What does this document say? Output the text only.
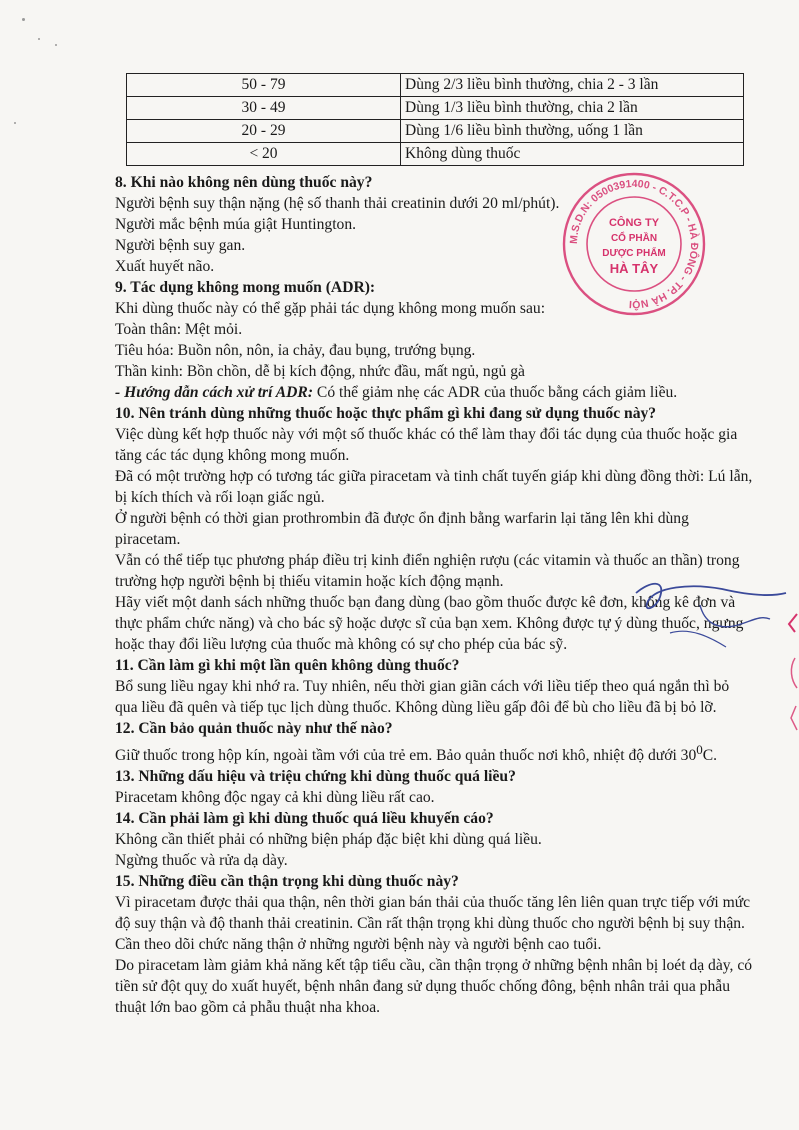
50 - 79	Dùng 2/3 liều bình thường, chia 2 - 3 lần
30 - 49	Dùng 1/3 liều bình thường, chia 2 lần
20 - 29	Dùng 1/6 liều bình thường, uống 1 lần
< 20	Không dùng thuốc

8. Khi nào không nên dùng thuốc này?

Người bệnh suy thận nặng (hệ số thanh thải creatinin dưới 20 ml/phút).

Người mắc bệnh múa giật Huntington.

Người bệnh suy gan.

Xuất huyết não.

9. Tác dụng không mong muốn (ADR):

Khi dùng thuốc này có thể gặp phải tác dụng không mong muốn sau:

Toàn thân: Mệt mỏi.

Tiêu hóa: Buồn nôn, nôn, ỉa chảy, đau bụng, trướng bụng.

Thần kinh: Bồn chồn, dễ bị kích động, nhức đầu, mất ngủ, ngủ gà

- Hướng dẫn cách xử trí ADR: Có thể giảm nhẹ các ADR của thuốc bằng cách giảm liều.

10. Nên tránh dùng những thuốc hoặc thực phẩm gì khi đang sử dụng thuốc này?

Việc dùng kết hợp thuốc này với một số thuốc khác có thể làm thay đổi tác dụng của thuốc hoặc gia tăng các tác dụng không mong muốn.

Đã có một trường hợp có tương tác giữa piracetam và tinh chất tuyến giáp khi dùng đồng thời: Lú lẫn, bị kích thích và rối loạn giấc ngủ.

Ở người bệnh có thời gian prothrombin đã được ổn định bằng warfarin lại tăng lên khi dùng piracetam.

Vẫn có thể tiếp tục phương pháp điều trị kinh điển nghiện rượu (các vitamin và thuốc an thần) trong trường hợp người bệnh bị thiếu vitamin hoặc kích động mạnh.

Hãy viết một danh sách những thuốc bạn đang dùng (bao gồm thuốc được kê đơn, không kê đơn và thực phẩm chức năng) và cho bác sỹ hoặc dược sĩ của bạn xem. Không được tự ý dùng thuốc, ngưng hoặc thay đổi liều lượng của thuốc mà không có sự cho phép của bác sỹ.

11. Cần làm gì khi một lần quên không dùng thuốc?

Bổ sung liều ngay khi nhớ ra. Tuy nhiên, nếu thời gian giãn cách với liều tiếp theo quá ngắn thì bỏ qua liều đã quên và tiếp tục lịch dùng thuốc. Không dùng liều gấp đôi để bù cho liều đã bị bỏ lỡ.

12. Cần bảo quản thuốc này như thế nào?

Giữ thuốc trong hộp kín, ngoài tầm với của trẻ em. Bảo quản thuốc nơi khô, nhiệt độ dưới $30^0C$.

13. Những dấu hiệu và triệu chứng khi dùng thuốc quá liều?

Piracetam không độc ngay cả khi dùng liều rất cao.

14. Cần phải làm gì khi dùng thuốc quá liều khuyến cáo?

Không cần thiết phải có những biện pháp đặc biệt khi dùng quá liều.

Ngừng thuốc và rửa dạ dày.

15. Những điều cần thận trọng khi dùng thuốc này?

Vì piracetam được thải qua thận, nên thời gian bán thải của thuốc tăng lên liên quan trực tiếp với mức độ suy thận và độ thanh thải creatinin. Cần rất thận trọng khi dùng thuốc cho người bệnh bị suy thận. Cần theo dõi chức năng thận ở những người bệnh này và người bệnh cao tuổi.

Do piracetam làm giảm khả năng kết tập tiểu cầu, cần thận trọng ở những bệnh nhân bị loét dạ dày, có tiền sử đột quỵ do xuất huyết, bệnh nhân đang sử dụng thuốc chống đông, bệnh nhân trải qua phẫu thuật lớn bao gồm cả phẫu thuật nha khoa.

M.S.D.N: 0500391400 - C.T.C.P - HÀ ĐÔNG - TP. HÀ NỘI
CÔNG TY
CỔ PHẦN
DƯỢC PHẨM
HÀ TÂY
